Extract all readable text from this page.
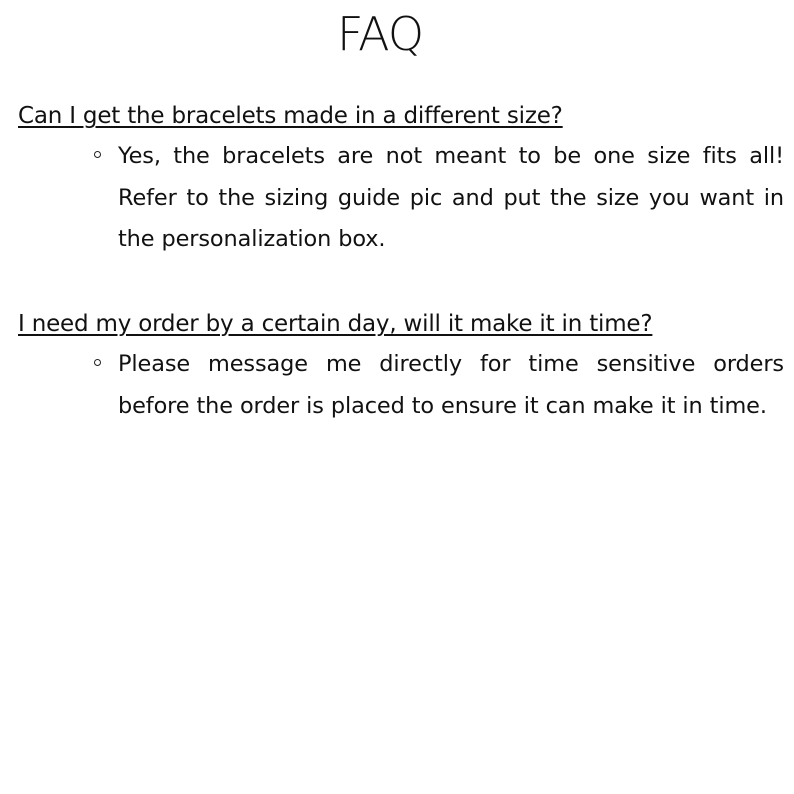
FAQ

Can I get the bracelets made in a different size?

Yes, the bracelets are not meant to be one size fits all! Refer to the sizing guide pic and put the size you want in the personalization box.

I need my order by a certain day, will it make it in time?

Please message me directly for time sensitive orders before the order is placed to ensure it can make it in time.
